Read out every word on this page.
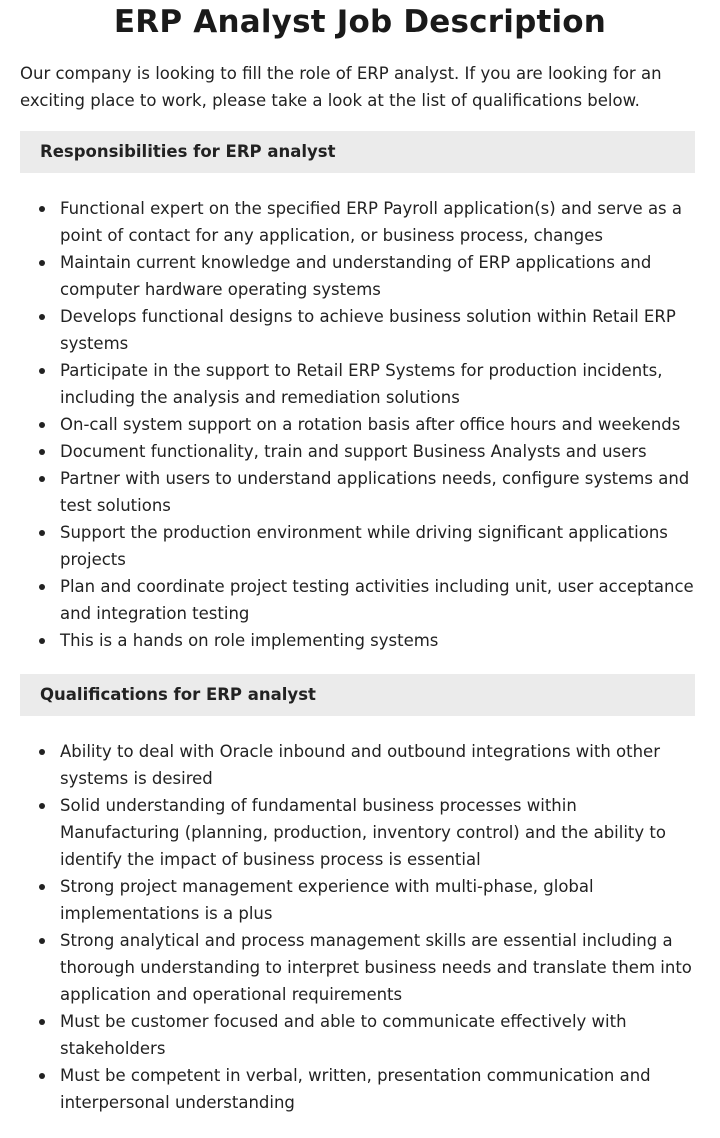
ERP Analyst Job Description

Our company is looking to fill the role of ERP analyst. If you are looking for an exciting place to work, please take a look at the list of qualifications below.

Responsibilities for ERP analyst
Functional expert on the specified ERP Payroll application(s) and serve as a point of contact for any application, or business process, changes
Maintain current knowledge and understanding of ERP applications and computer hardware operating systems
Develops functional designs to achieve business solution within Retail ERP systems
Participate in the support to Retail ERP Systems for production incidents, including the analysis and remediation solutions
On-call system support on a rotation basis after office hours and weekends
Document functionality, train and support Business Analysts and users
Partner with users to understand applications needs, configure systems and test solutions
Support the production environment while driving significant applications projects
Plan and coordinate project testing activities including unit, user acceptance and integration testing
This is a hands on role implementing systems
Qualifications for ERP analyst
Ability to deal with Oracle inbound and outbound integrations with other systems is desired
Solid understanding of fundamental business processes within Manufacturing (planning, production, inventory control) and the ability to identify the impact of business process is essential
Strong project management experience with multi-phase, global implementations is a plus
Strong analytical and process management skills are essential including a thorough understanding to interpret business needs and translate them into application and operational requirements
Must be customer focused and able to communicate effectively with stakeholders
Must be competent in verbal, written, presentation communication and interpersonal understanding
